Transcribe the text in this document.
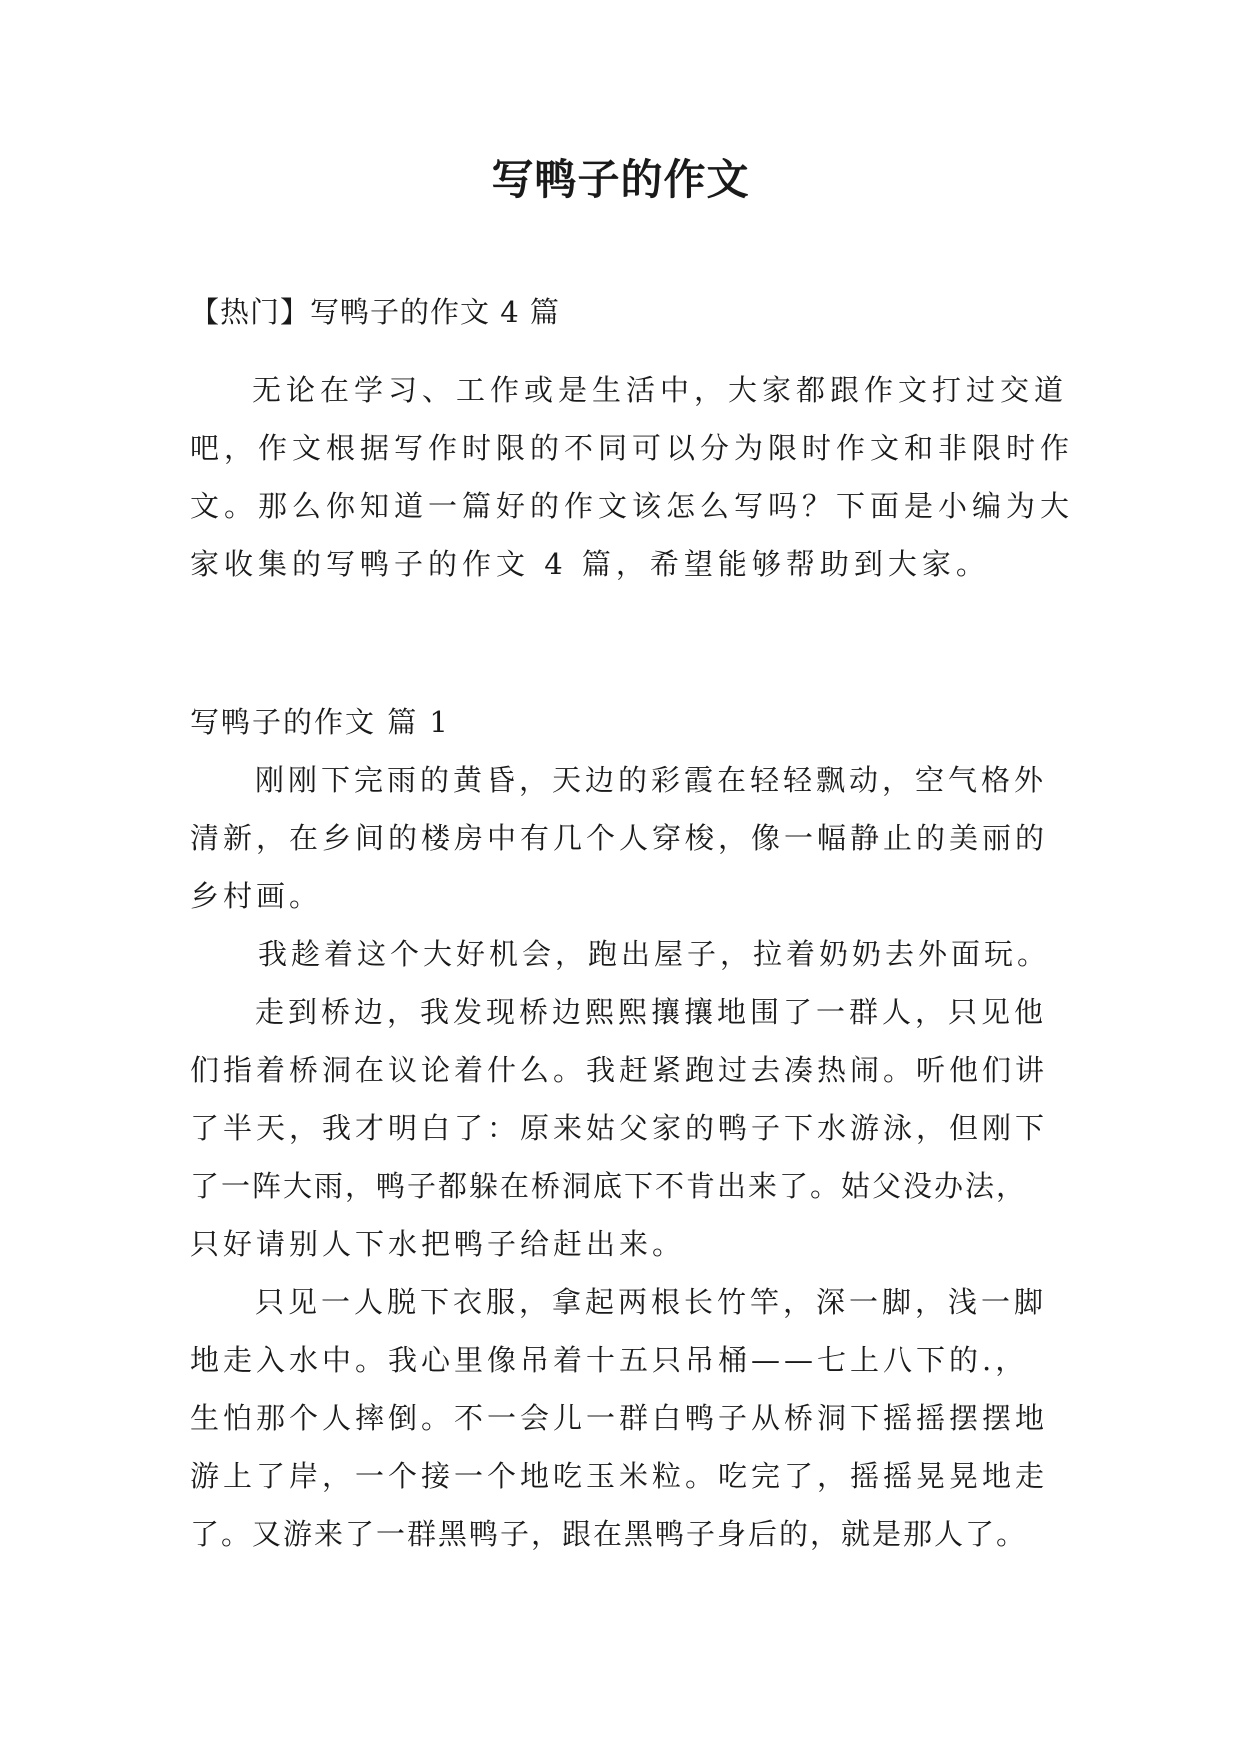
写鸭子的作文
【热门】写鸭子的作文 4 篇
无论在学习、工作或是生活中，大家都跟作文打过交道
吧，作文根据写作时限的不同可以分为限时作文和非限时作
文。那么你知道一篇好的作文该怎么写吗？下面是小编为大
家收集的写鸭子的作文 4 篇，希望能够帮助到大家。
写鸭子的作文 篇 1
刚刚下完雨的黄昏，天边的彩霞在轻轻飘动，空气格外
清新，在乡间的楼房中有几个人穿梭，像一幅静止的美丽的
乡村画。
我趁着这个大好机会，跑出屋子，拉着奶奶去外面玩。
走到桥边，我发现桥边熙熙攘攘地围了一群人，只见他
们指着桥洞在议论着什么。我赶紧跑过去凑热闹。听他们讲
了半天，我才明白了：原来姑父家的鸭子下水游泳，但刚下
了一阵大雨，鸭子都躲在桥洞底下不肯出来了。姑父没办法，
只好请别人下水把鸭子给赶出来。
只见一人脱下衣服，拿起两根长竹竿，深一脚，浅一脚
地走入水中。我心里像吊着十五只吊桶——七上八下的.，
生怕那个人摔倒。不一会儿一群白鸭子从桥洞下摇摇摆摆地
游上了岸，一个接一个地吃玉米粒。吃完了，摇摇晃晃地走
了。又游来了一群黑鸭子，跟在黑鸭子身后的，就是那人了。
